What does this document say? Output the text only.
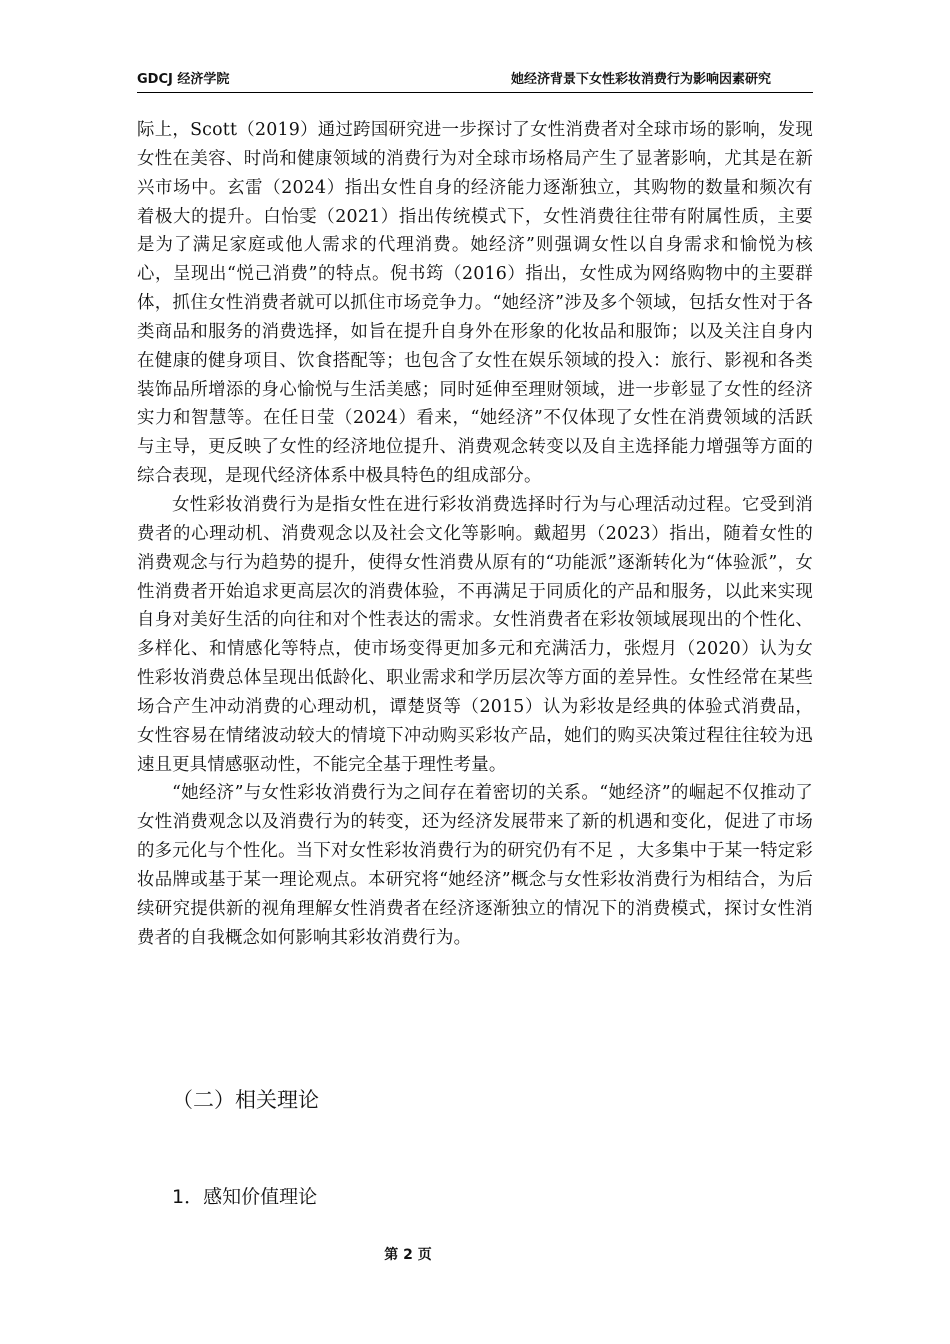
GDCJ 经济学院	她经济背景下女性彩妆消费行为影响因素研究

际上，Scott（2019）通过跨国研究进一步探讨了女性消费者对全球市场的影响，发现女性在美容、时尚和健康领域的消费行为对全球市场格局产生了显著影响，尤其是在新兴市场中。玄雷（2024）指出女性自身的经济能力逐渐独立，其购物的数量和频次有着极大的提升。白怡雯（2021）指出传统模式下，女性消费往往带有附属性质，主要是为了满足家庭或他人需求的代理消费。她经济”则强调女性以自身需求和愉悦为核心，呈现出“悦己消费”的特点。倪书筠（2016）指出，女性成为网络购物中的主要群体，抓住女性消费者就可以抓住市场竞争力。“她经济”涉及多个领域，包括女性对于各类商品和服务的消费选择，如旨在提升自身外在形象的化妆品和服饰；以及关注自身内在健康的健身项目、饮食搭配等；也包含了女性在娱乐领域的投入：旅行、影视和各类装饰品所增添的身心愉悦与生活美感；同时延伸至理财领域，进一步彰显了女性的经济实力和智慧等。在任日莹（2024）看来，“她经济”不仅体现了女性在消费领域的活跃与主导，更反映了女性的经济地位提升、消费观念转变以及自主选择能力增强等方面的综合表现，是现代经济体系中极具特色的组成部分。

女性彩妆消费行为是指女性在进行彩妆消费选择时行为与心理活动过程。它受到消费者的心理动机、消费观念以及社会文化等影响。戴超男（2023）指出，随着女性的消费观念与行为趋势的提升，使得女性消费从原有的“功能派”逐渐转化为“体验派”，女性消费者开始追求更高层次的消费体验，不再满足于同质化的产品和服务，以此来实现自身对美好生活的向往和对个性表达的需求。女性消费者在彩妆领域展现出的个性化、多样化、和情感化等特点，使市场变得更加多元和充满活力，张煜月（2020）认为女性彩妆消费总体呈现出低龄化、职业需求和学历层次等方面的差异性。女性经常在某些场合产生冲动消费的心理动机，谭楚贤等（2015）认为彩妆是经典的体验式消费品，女性容易在情绪波动较大的情境下冲动购买彩妆产品，她们的购买决策过程往往较为迅速且更具情感驱动性，不能完全基于理性考量。

“她经济”与女性彩妆消费行为之间存在着密切的关系。“她经济”的崛起不仅推动了女性消费观念以及消费行为的转变，还为经济发展带来了新的机遇和变化，促进了市场的多元化与个性化。当下对女性彩妆消费行为的研究仍有不足 ，大多集中于某一特定彩妆品牌或基于某一理论观点。本研究将“她经济”概念与女性彩妆消费行为相结合，为后续研究提供新的视角理解女性消费者在经济逐渐独立的情况下的消费模式，探讨女性消费者的自我概念如何影响其彩妆消费行为。

（二）相关理论
1．感知价值理论
第 2 页
